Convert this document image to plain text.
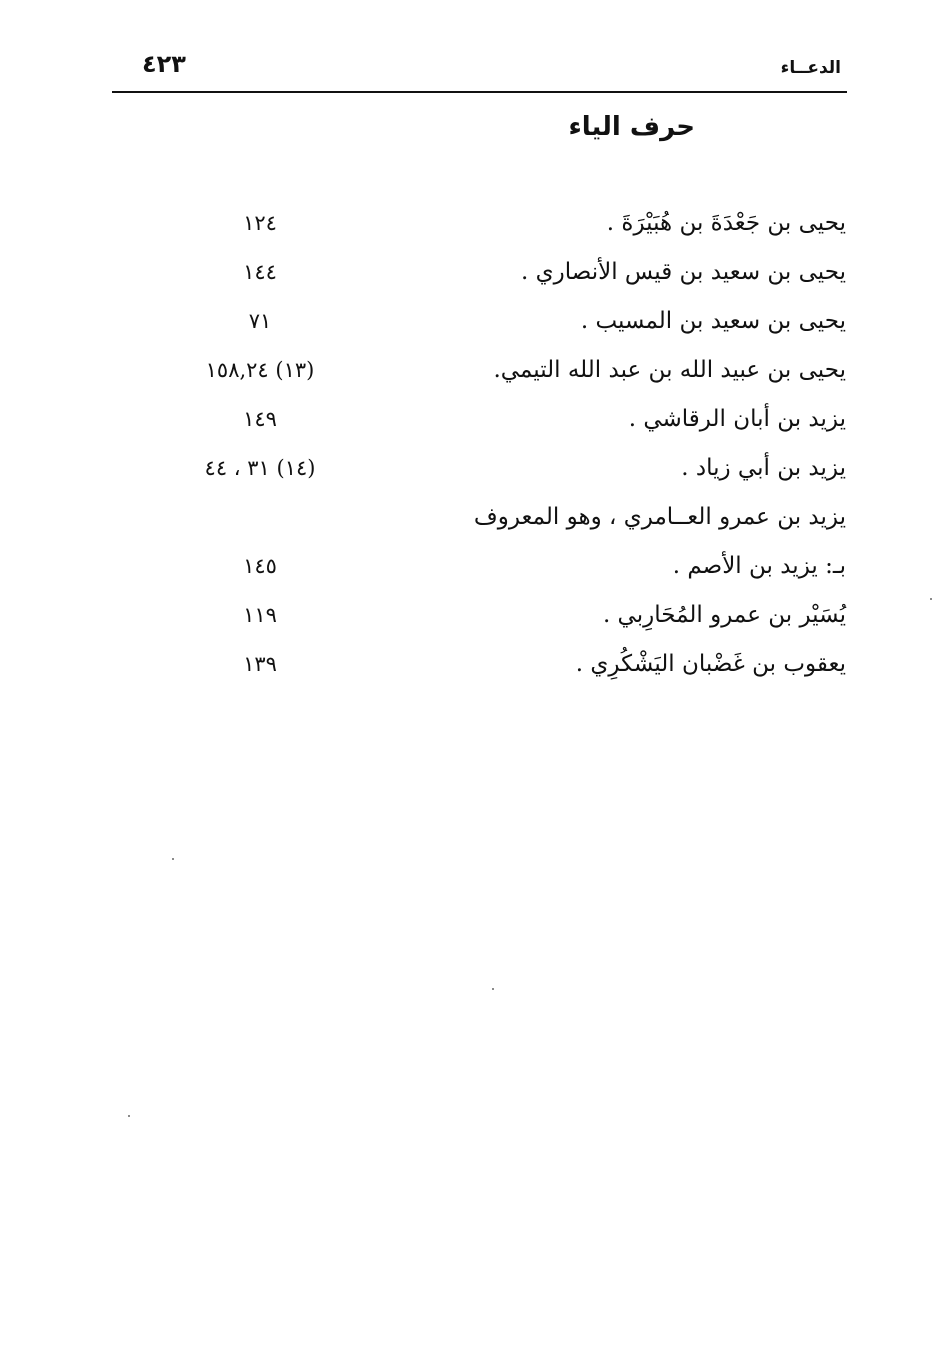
الدعــاء
٤٢٣
حرف الياء
يحيى بن جَعْدَةَ بن هُبَيْرَةَ .
١٢٤
يحيى بن سعيد بن قيس الأنصاري .
١٤٤
يحيى بن سعيد بن المسيب .
٧١
يحيى بن عبيد الله بن عبد الله التيمي.
(١٣) ١٥٨,٢٤
يزيد بن أبان الرقاشي .
١٤٩
يزيد بن أبي زياد .
(١٤) ٣١ ، ٤٤
يزيد بن عمرو العــامري ، وهو المعروف
بـ: يزيد بن الأصم .
١٤٥
يُسَيْر بن عمرو المُحَارِبي .
١١٩
يعقوب بن غَضْبان اليَشْكُرِي .
١٣٩
